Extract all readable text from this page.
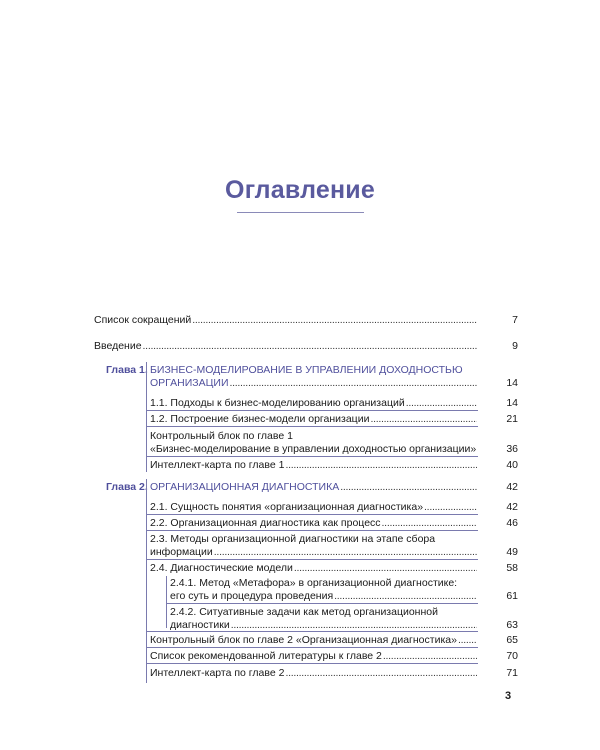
Оглавление
Список сокращений . . .	7
Введение . . .	9
Глава 1. БИЗНЕС-МОДЕЛИРОВАНИЕ В УПРАВЛЕНИИ ДОХОДНОСТЬЮ
ОРГАНИЗАЦИИ . . .	14
1.1. Подходы к бизнес-моделированию организаций . . .	14
1.2. Построение бизнес-модели организации . . .	21
Контрольный блок по главе 1
«Бизнес-моделирование в управлении доходностью организации»	36
Интеллект-карта по главе 1 . . .	40
Глава 2. ОРГАНИЗАЦИОННАЯ ДИАГНОСТИКА . . .	42
2.1. Сущность понятия «организационная диагностика» . . .	42
2.2. Организационная диагностика как процесс . . .	46
2.3. Методы организационной диагностики на этапе сбора
информации . . .	49
2.4. Диагностические модели . . .	58
2.4.1. Метод «Метафора» в организационной диагностике:
его суть и процедура проведения . . .	61
2.4.2. Ситуативные задачи как метод организационной
диагностики . . .	63
Контрольный блок по главе 2 «Организационная диагностика» . . .	65
Список рекомендованной литературы к главе 2 . . .	70
Интеллект-карта по главе 2 . . .	71
3
